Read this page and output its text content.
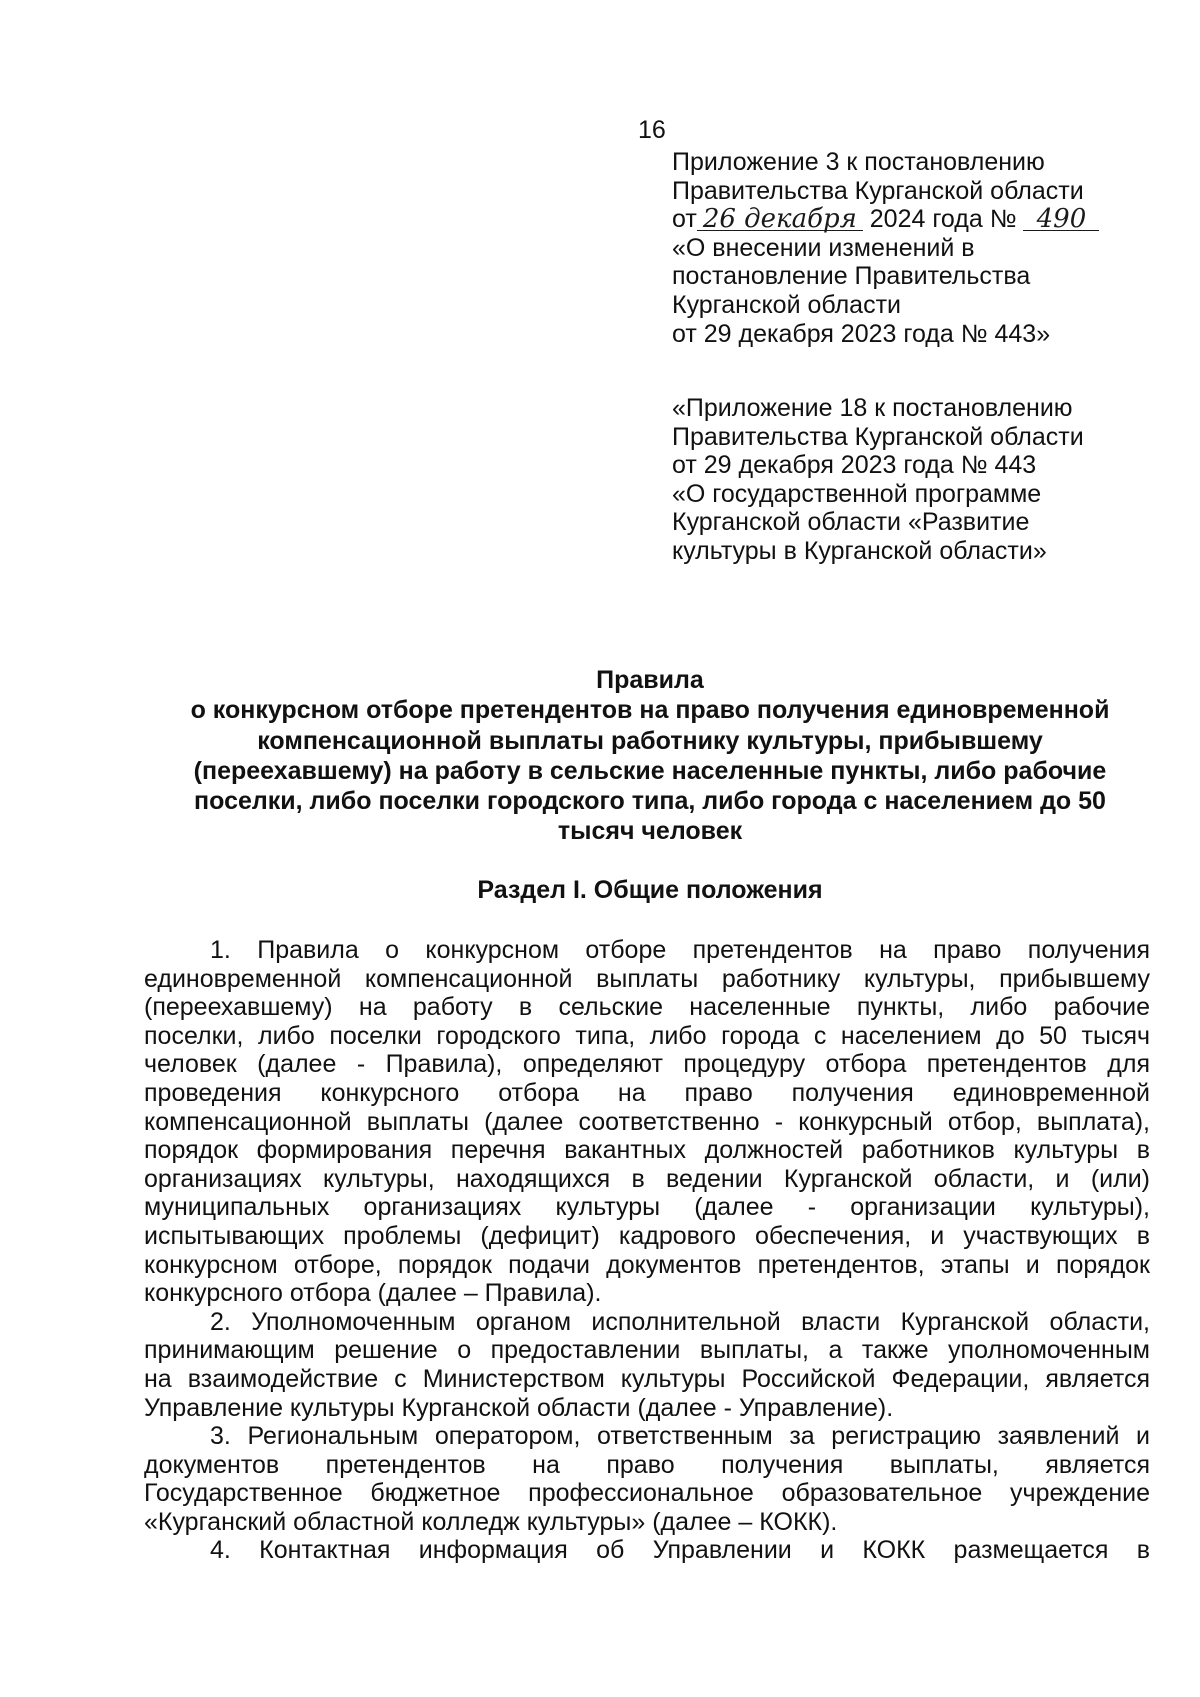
16
Приложение 3 к постановлению
Правительства Курганской области
от 26 декабря 2024 года № 490
«О внесении изменений в
постановление Правительства
Курганской области
от 29 декабря 2023 года № 443»
«Приложение 18 к постановлению
Правительства Курганской области
от 29 декабря 2023 года № 443
«О государственной программе
Курганской области «Развитие
культуры в Курганской области»
Правила
о конкурсном отборе претендентов на право получения единовременной
компенсационной выплаты работнику культуры, прибывшему
(переехавшему) на работу в сельские населенные пункты, либо рабочие
поселки, либо поселки городского типа, либо города с населением до 50
тысяч человек
Раздел I. Общие положения
1. Правила о конкурсном отборе претендентов на право получения
единовременной компенсационной выплаты работнику культуры, прибывшему
(переехавшему) на работу в сельские населенные пункты, либо рабочие
поселки, либо поселки городского типа, либо города с населением до 50 тысяч
человек (далее - Правила), определяют процедуру отбора претендентов для
проведения конкурсного отбора на право получения единовременной
компенсационной выплаты (далее соответственно - конкурсный отбор, выплата),
порядок формирования перечня вакантных должностей работников культуры в
организациях культуры, находящихся в ведении Курганской области, и (или)
муниципальных организациях культуры (далее - организации культуры),
испытывающих проблемы (дефицит) кадрового обеспечения, и участвующих в
конкурсном отборе, порядок подачи документов претендентов, этапы и порядок
конкурсного отбора (далее – Правила).
2. Уполномоченным органом исполнительной власти Курганской области,
принимающим решение о предоставлении выплаты, а также уполномоченным
на взаимодействие с Министерством культуры Российской Федерации, является
Управление культуры Курганской области (далее - Управление).
3. Региональным оператором, ответственным за регистрацию заявлений и
документов претендентов на право получения выплаты, является
Государственное бюджетное профессиональное образовательное учреждение
«Курганский областной колледж культуры» (далее – КОКК).
4. Контактная информация об Управлении и КОКК размещается в
